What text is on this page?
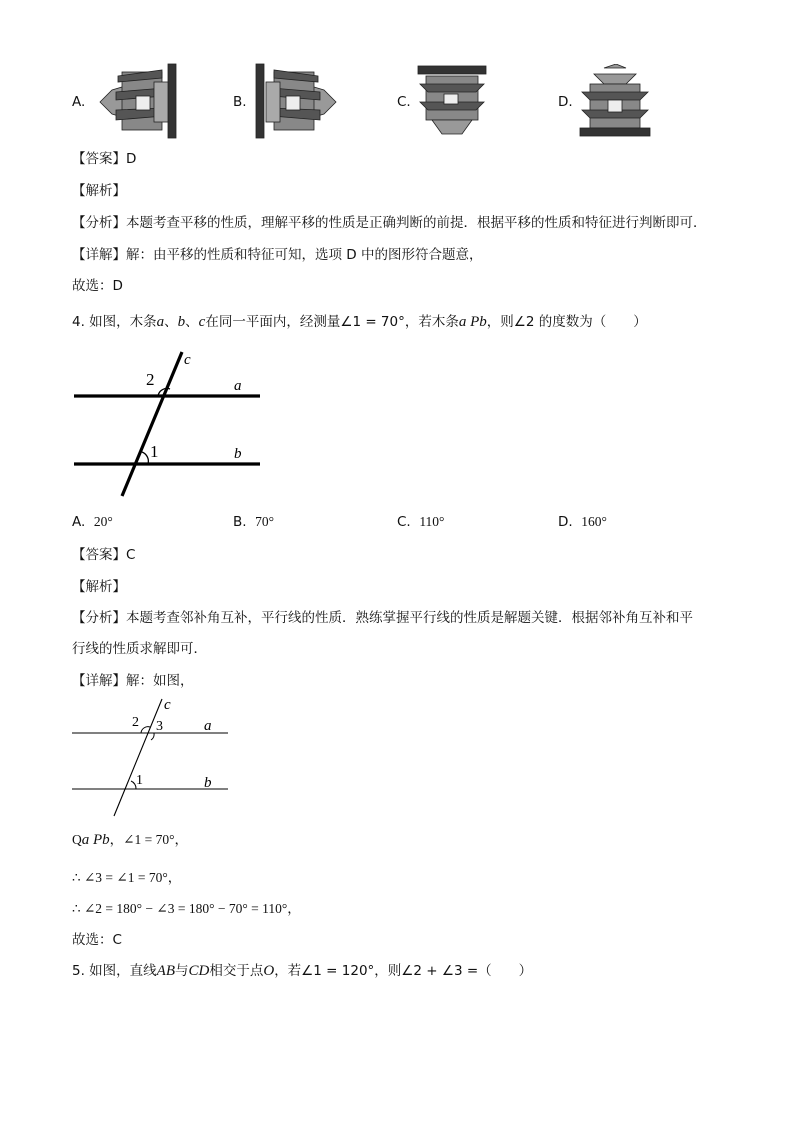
A.	B.	C.	D.
【答案】D
【解析】
【分析】本题考查平移的性质，理解平移的性质是正确判断的前提．根据平移的性质和特征进行判断即可．
【详解】解：由平移的性质和特征可知，选项 D 中的图形符合题意，
故选：D
4. 如图，木条a、b、c在同一平面内，经测量∠1 = 70°，若木条a Pb，则∠2 的度数为（　　）
c
2	a
1	b
A. 20°	B. 70°	C. 110°	D. 160°
【答案】C
【解析】
【分析】本题考查邻补角互补，平行线的性质．熟练掌握平行线的性质是解题关键．根据邻补角互补和平
行线的性质求解即可．
【详解】解：如图，
c
2 3	a
1	b
Qa Pb，∠1 = 70°，
∴ ∠3 = ∠1 = 70°，
∴ ∠2 = 180° − ∠3 = 180° − 70° = 110°，
故选：C
5. 如图，直线AB与CD相交于点O，若∠1 = 120°，则∠2 + ∠3 =（　　）
